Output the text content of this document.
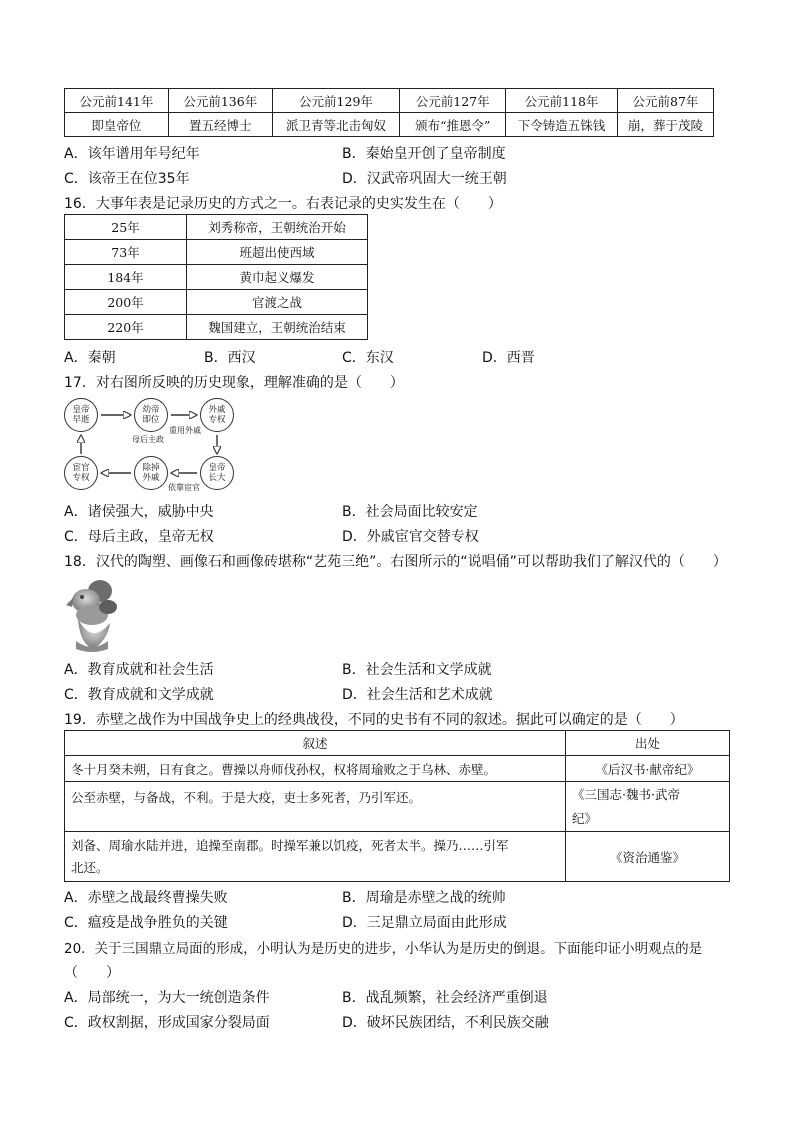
公元前141年	公元前136年	公元前129年	公元前127年	公元前118年	公元前87年
即皇帝位	置五经博士	派卫青等北击匈奴	颁布“推恩令”	下令铸造五铢钱	崩，葬于茂陵
A．该年谱用年号纪年	B．秦始皇开创了皇帝制度
C．该帝王在位35年	D．汉武帝巩固大一统王朝
16．大事年表是记录历史的方式之一。右表记录的史实发生在（　　）
25年	刘秀称帝，王朝统治开始
73年	班超出使西域
184年	黄巾起义爆发
200年	官渡之战
220年	魏国建立，王朝统治结束
A．秦朝	B．西汉	C．东汉	D．西晋
17．对右图所反映的历史现象，理解准确的是（　　）
皇帝
早逝
幼帝
即位
外戚
专权
皇帝
长大
除掉
外戚
宦官
专权
母后主政
重用外戚
依靠宦官
A．诸侯强大，威胁中央	B．社会局面比较安定
C．母后主政，皇帝无权	D．外戚宦官交替专权
18．汉代的陶塑、画像石和画像砖堪称“艺苑三绝”。右图所示的“说唱俑”可以帮助我们了解汉代的（　　）
A．教育成就和社会生活	B．社会生活和文学成就
C．教育成就和文学成就	D．社会生活和艺术成就
19．赤壁之战作为中国战争史上的经典战役，不同的史书有不同的叙述。据此可以确定的是（　　）
叙述	出处
冬十月癸未朔，日有食之。曹操以舟师伐孙权，权将周瑜败之于乌林、赤壁。	《后汉书·献帝纪》
公至赤壁，与备战，不利。于是大疫，吏士多死者，乃引军还。	《三国志·魏书·武帝
纪》
刘备、周瑜水陆并进，追操至南郡。时操军兼以饥疫，死者太半。操乃……引军
北还。	《资治通鉴》
A．赤壁之战最终曹操失败	B．周瑜是赤壁之战的统帅
C．瘟疫是战争胜负的关键	D．三足鼎立局面由此形成
20．关于三国鼎立局面的形成，小明认为是历史的进步，小华认为是历史的倒退。下面能印证小明观点的是
（　　）
A．局部统一，为大一统创造条件	B．战乱频繁，社会经济严重倒退
C．政权割据，形成国家分裂局面	D．破坏民族团结，不利民族交融
